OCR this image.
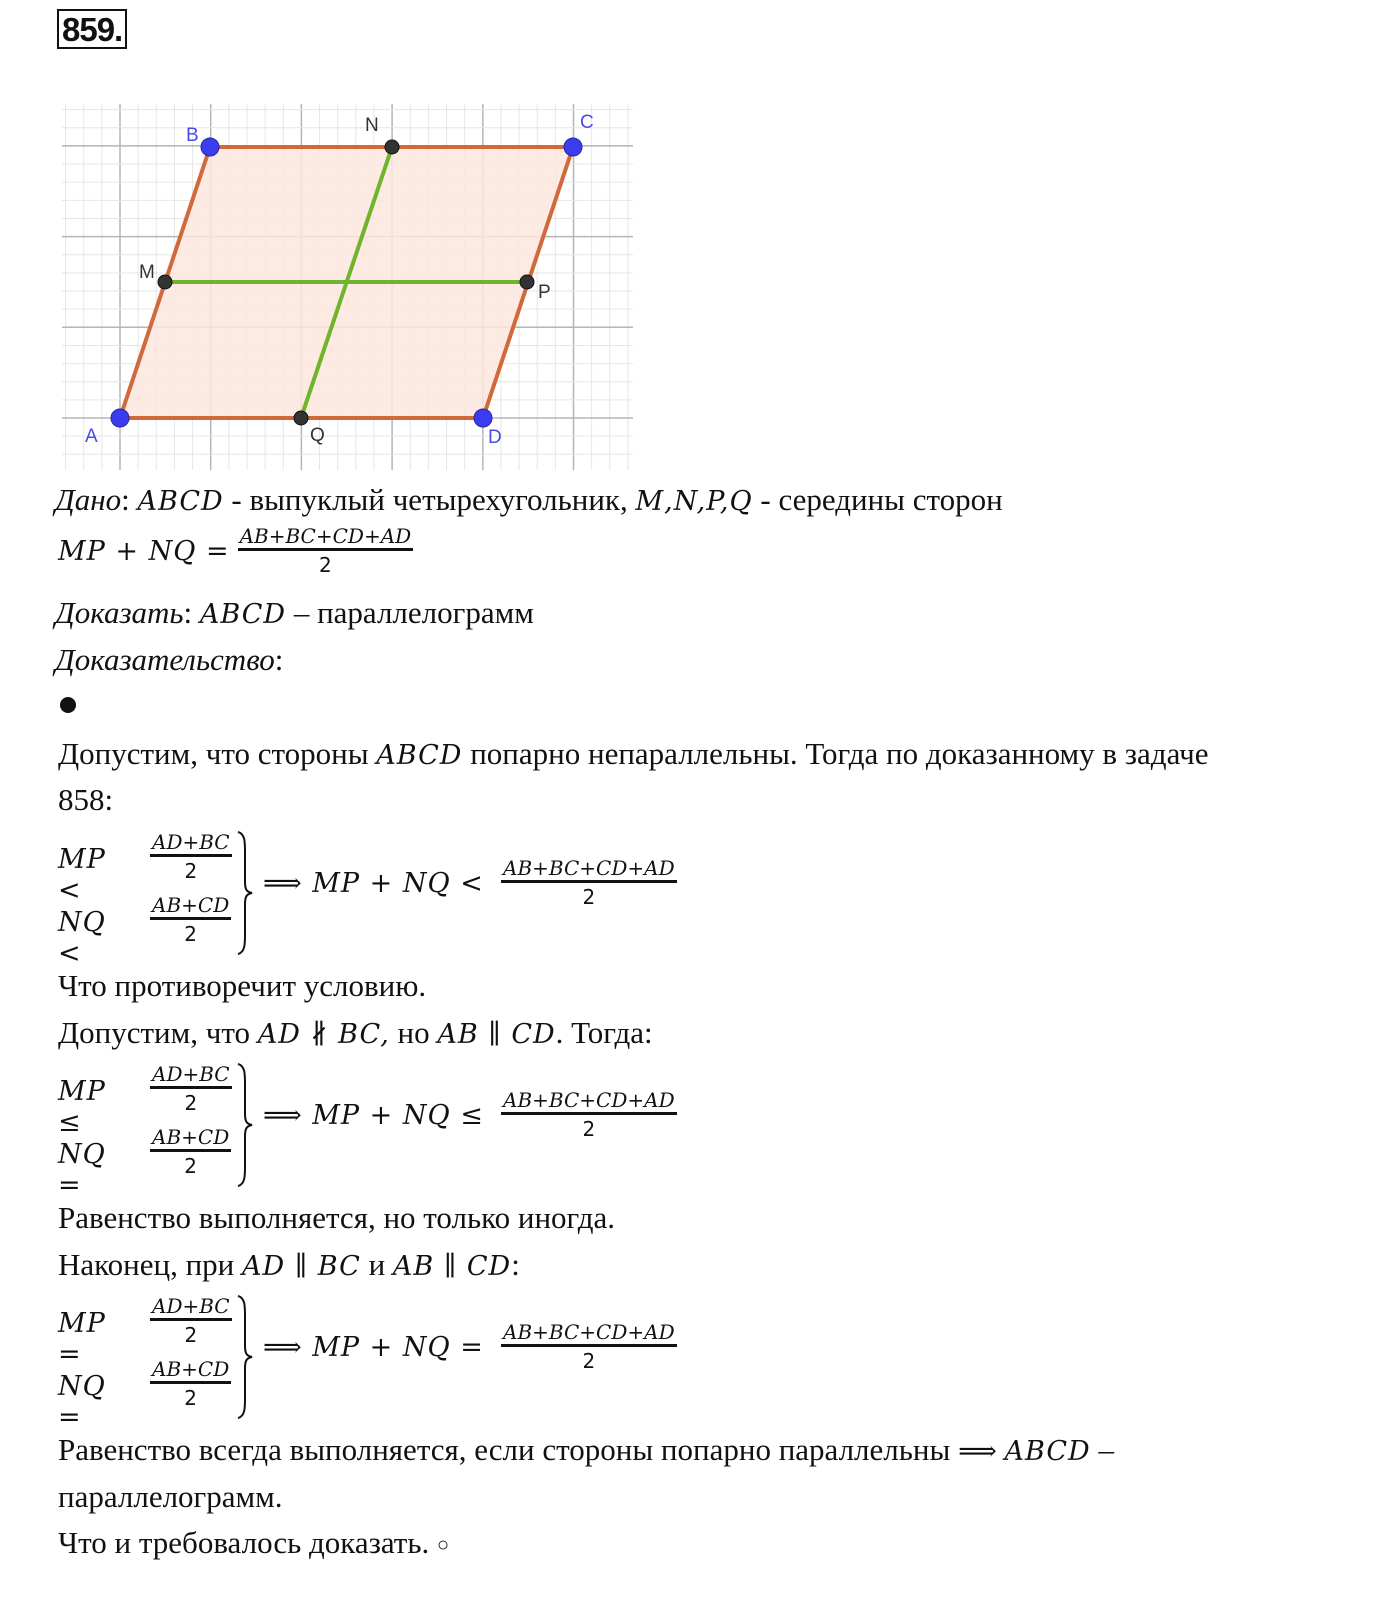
859.
A
B
C
D
M
N
P
Q
Дано: ABCD - выпуклый четырехугольник, M,N,P,Q - середины сторон
MP + NQ = $\frac{AB+BC+CD+AD}{2}$
Доказать: ABCD – параллелограмм
Доказательство:
Допустим, что стороны ABCD попарно непараллельны. Тогда по доказанному в задаче
858:
MP <
$\frac{AD+BC}{2}$
NQ <
$\frac{AB+CD}{2}$
⟹ MP + NQ < $\frac{AB+BC+CD+AD}{2}$
Что противоречит условию.
Допустим, что AD ∦ BC, но AB ∥ CD. Тогда:
MP ≤
$\frac{AD+BC}{2}$
NQ =
$\frac{AB+CD}{2}$
⟹ MP + NQ ≤ $\frac{AB+BC+CD+AD}{2}$
Равенство выполняется, но только иногда.
Наконец, при AD ∥ BC и AB ∥ CD:
MP =
$\frac{AD+BC}{2}$
NQ =
$\frac{AB+CD}{2}$
⟹ MP + NQ = $\frac{AB+BC+CD+AD}{2}$
Равенство всегда выполняется, если стороны попарно параллельны ⟹ ABCD –
параллелограмм.
Что и требовалось доказать. ○
